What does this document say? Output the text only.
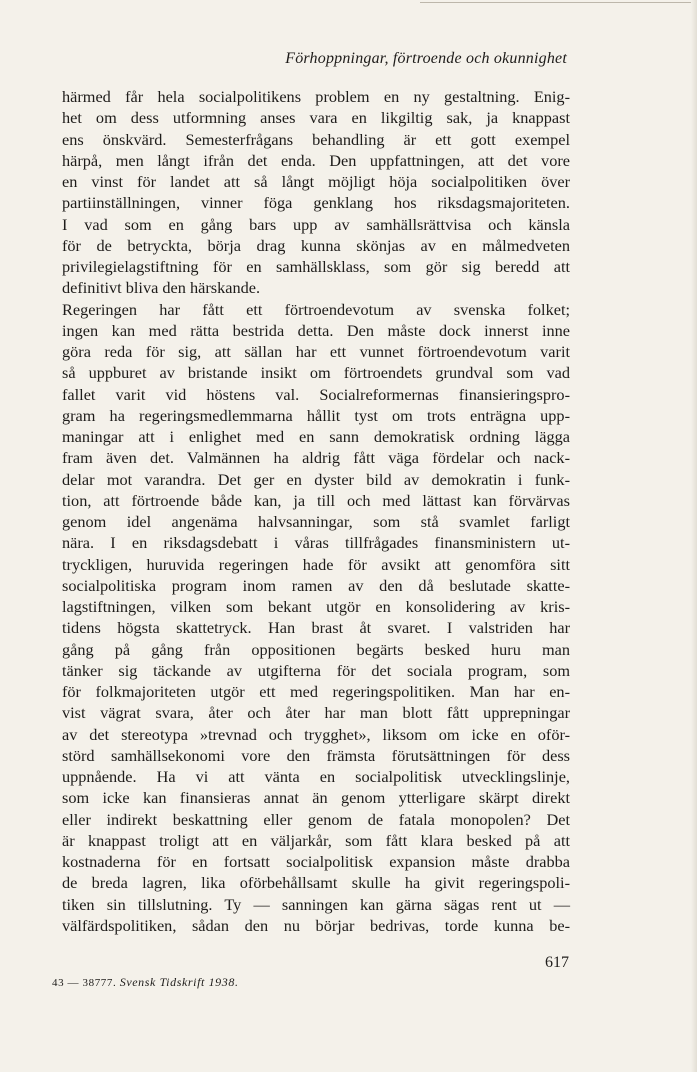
Förhoppningar, förtroende och okunnighet
härmed får hela socialpolitikens problem en ny gestaltning. Enig-
het om dess utformning anses vara en likgiltig sak, ja knappast
ens önskvärd. Semesterfrågans behandling är ett gott exempel
härpå, men långt ifrån det enda. Den uppfattningen, att det vore
en vinst för landet att så långt möjligt höja socialpolitiken över
partiinställningen, vinner föga genklang hos riksdagsmajoriteten.
I vad som en gång bars upp av samhällsrättvisa och känsla
för de betryckta, börja drag kunna skönjas av en målmedveten
privilegielagstiftning för en samhällsklass, som gör sig beredd att
definitivt bliva den härskande.
Regeringen har fått ett förtroendevotum av svenska folket;
ingen kan med rätta bestrida detta. Den måste dock innerst inne
göra reda för sig, att sällan har ett vunnet förtroendevotum varit
så uppburet av bristande insikt om förtroendets grundval som vad
fallet varit vid höstens val. Socialreformernas finansieringspro-
gram ha regeringsmedlemmarna hållit tyst om trots enträgna upp-
maningar att i enlighet med en sann demokratisk ordning lägga
fram även det. Valmännen ha aldrig fått väga fördelar och nack-
delar mot varandra. Det ger en dyster bild av demokratin i funk-
tion, att förtroende både kan, ja till och med lättast kan förvärvas
genom idel angenäma halvsanningar, som stå svamlet farligt
nära. I en riksdagsdebatt i våras tillfrågades finansministern ut-
tryckligen, huruvida regeringen hade för avsikt att genomföra sitt
socialpolitiska program inom ramen av den då beslutade skatte-
lagstiftningen, vilken som bekant utgör en konsolidering av kris-
tidens högsta skattetryck. Han brast åt svaret. I valstriden har
gång på gång från oppositionen begärts besked huru man
tänker sig täckande av utgifterna för det sociala program, som
för folkmajoriteten utgör ett med regeringspolitiken. Man har en-
vist vägrat svara, åter och åter har man blott fått upprepningar
av det stereotypa »trevnad och trygghet», liksom om icke en oför-
störd samhällsekonomi vore den främsta förutsättningen för dess
uppnående. Ha vi att vänta en socialpolitisk utvecklingslinje,
som icke kan finansieras annat än genom ytterligare skärpt direkt
eller indirekt beskattning eller genom de fatala monopolen? Det
är knappast troligt att en väljarkår, som fått klara besked på att
kostnaderna för en fortsatt socialpolitisk expansion måste drabba
de breda lagren, lika oförbehållsamt skulle ha givit regeringspoli-
tiken sin tillslutning. Ty — sanningen kan gärna sägas rent ut —
välfärdspolitiken, sådan den nu börjar bedrivas, torde kunna be-
617
43 — 38777. Svensk Tidskrift 1938.
